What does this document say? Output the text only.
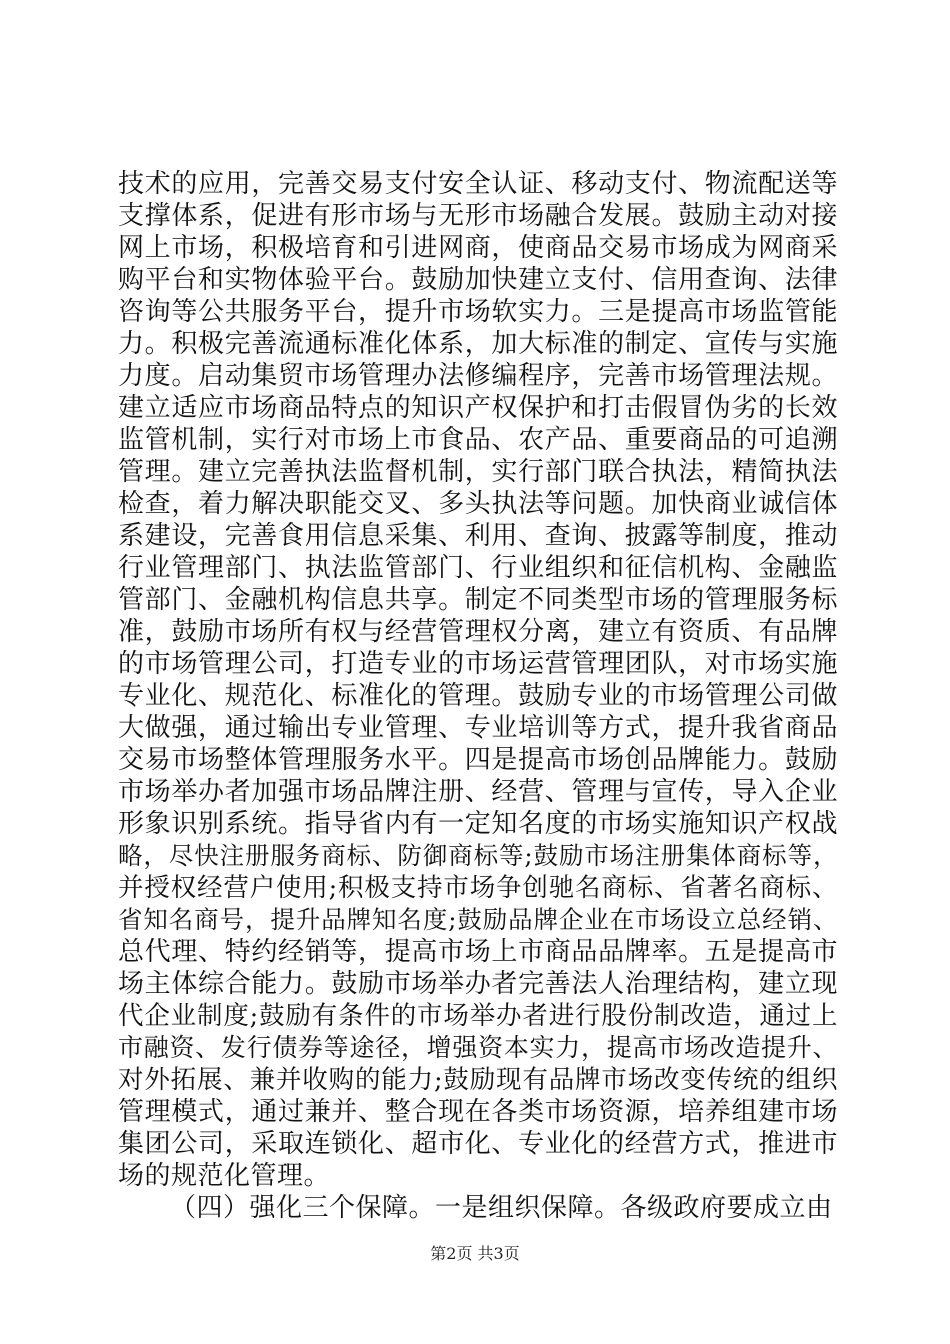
技术的应用，完善交易支付安全认证、移动支付、物流配送等
支撑体系，促进有形市场与无形市场融合发展。鼓励主动对接
网上市场，积极培育和引进网商，使商品交易市场成为网商采
购平台和实物体验平台。鼓励加快建立支付、信用查询、法律
咨询等公共服务平台，提升市场软实力。三是提高市场监管能
力。积极完善流通标准化体系，加大标准的制定、宣传与实施
力度。启动集贸市场管理办法修编程序，完善市场管理法规。
建立适应市场商品特点的知识产权保护和打击假冒伪劣的长效
监管机制，实行对市场上市食品、农产品、重要商品的可追溯
管理。建立完善执法监督机制，实行部门联合执法，精简执法
检查，着力解决职能交叉、多头执法等问题。加快商业诚信体
系建设，完善食用信息采集、利用、查询、披露等制度，推动
行业管理部门、执法监管部门、行业组织和征信机构、金融监
管部门、金融机构信息共享。制定不同类型市场的管理服务标
准，鼓励市场所有权与经营管理权分离，建立有资质、有品牌
的市场管理公司，打造专业的市场运营管理团队，对市场实施
专业化、规范化、标准化的管理。鼓励专业的市场管理公司做
大做强，通过输出专业管理、专业培训等方式，提升我省商品
交易市场整体管理服务水平。四是提高市场创品牌能力。鼓励
市场举办者加强市场品牌注册、经营、管理与宣传，导入企业
形象识别系统。指导省内有一定知名度的市场实施知识产权战
略，尽快注册服务商标、防御商标等;鼓励市场注册集体商标等，
并授权经营户使用;积极支持市场争创驰名商标、省著名商标、
省知名商号，提升品牌知名度;鼓励品牌企业在市场设立总经销、
总代理、特约经销等，提高市场上市商品品牌率。五是提高市
场主体综合能力。鼓励市场举办者完善法人治理结构，建立现
代企业制度;鼓励有条件的市场举办者进行股份制改造，通过上
市融资、发行债券等途径，增强资本实力，提高市场改造提升、
对外拓展、兼并收购的能力;鼓励现有品牌市场改变传统的组织
管理模式，通过兼并、整合现在各类市场资源，培养组建市场
集团公司，采取连锁化、超市化、专业化的经营方式，推进市
场的规范化管理。
（四）强化三个保障。一是组织保障。各级政府要成立由
第2页 共3页
